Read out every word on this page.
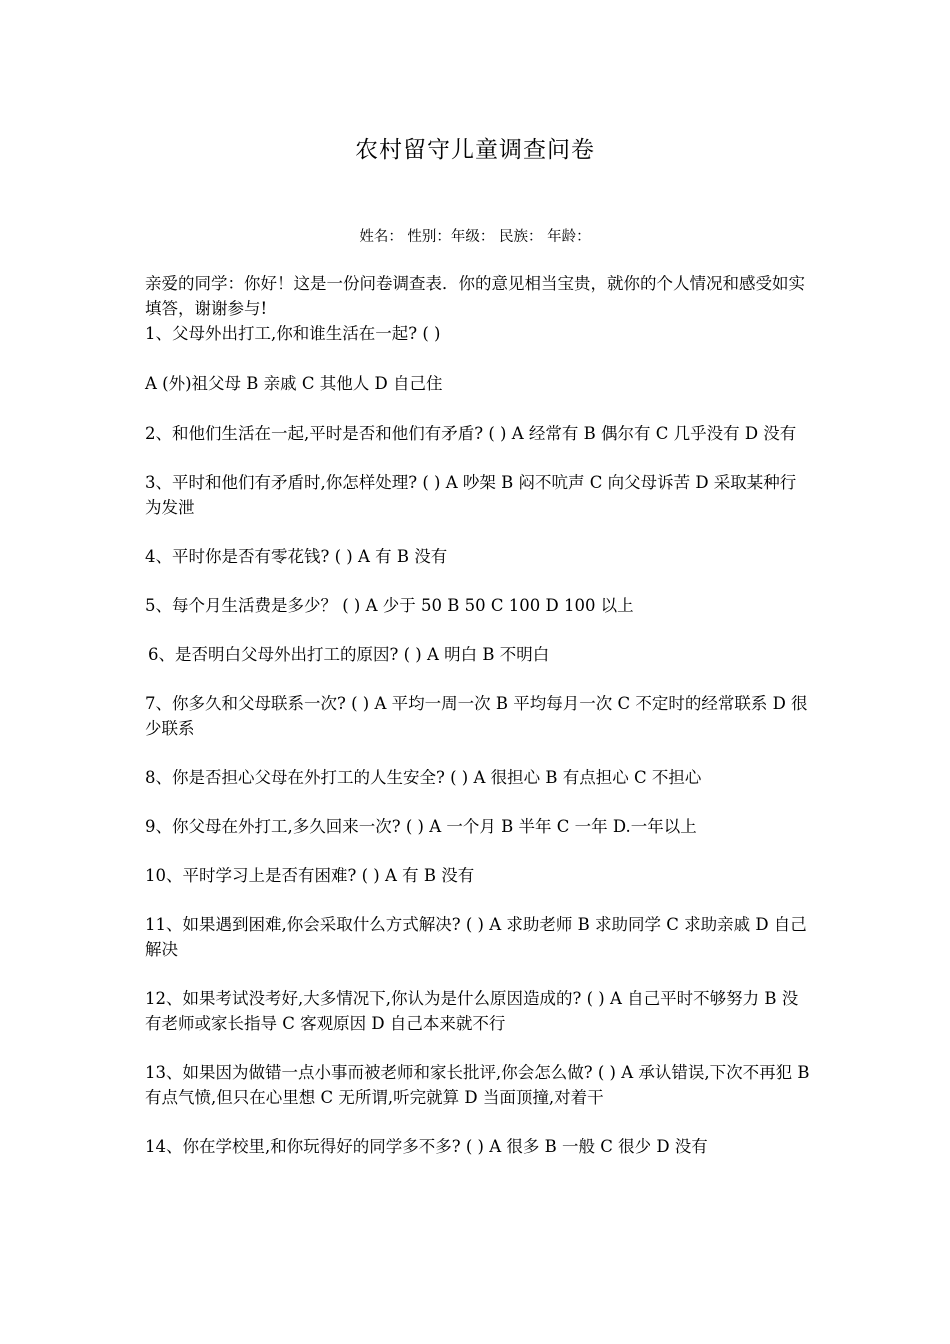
农村留守儿童调查问卷
姓名： 性别：年级： 民族： 年龄：

亲爱的同学：你好！这是一份问卷调查表．你的意见相当宝贵，就你的个人情况和感受如实填答，谢谢参与!

1、父母外出打工,你和谁生活在一起? ( )

A (外)祖父母 B 亲戚 C 其他人 D 自己住

2、和他们生活在一起,平时是否和他们有矛盾? ( ) A 经常有 B 偶尔有 C 几乎没有 D 没有

3、平时和他们有矛盾时,你怎样处理? ( ) A 吵架 B 闷不吭声 C 向父母诉苦 D 采取某种行为发泄

4、平时你是否有零花钱? ( ) A 有 B 没有

5、每个月生活费是多少？ ( ) A 少于 50 B 50 C 100 D 100 以上

6、是否明白父母外出打工的原因? ( ) A 明白 B 不明白

7、你多久和父母联系一次? ( ) A 平均一周一次 B 平均每月一次 C 不定时的经常联系 D 很少联系

8、你是否担心父母在外打工的人生安全? ( ) A 很担心 B 有点担心 C 不担心

9、你父母在外打工,多久回来一次? ( ) A 一个月 B 半年 C 一年 D.一年以上

10、平时学习上是否有困难? ( ) A 有 B 没有

11、如果遇到困难,你会采取什么方式解决? ( ) A 求助老师 B 求助同学 C 求助亲戚 D 自己解决

12、如果考试没考好,大多情况下,你认为是什么原因造成的? ( ) A 自己平时不够努力 B 没有老师或家长指导 C 客观原因 D 自己本来就不行

13、如果因为做错一点小事而被老师和家长批评,你会怎么做? ( ) A 承认错误,下次不再犯 B 有点气愤,但只在心里想 C 无所谓,听完就算 D 当面顶撞,对着干

14、你在学校里,和你玩得好的同学多不多? ( ) A 很多 B 一般 C 很少 D 没有
